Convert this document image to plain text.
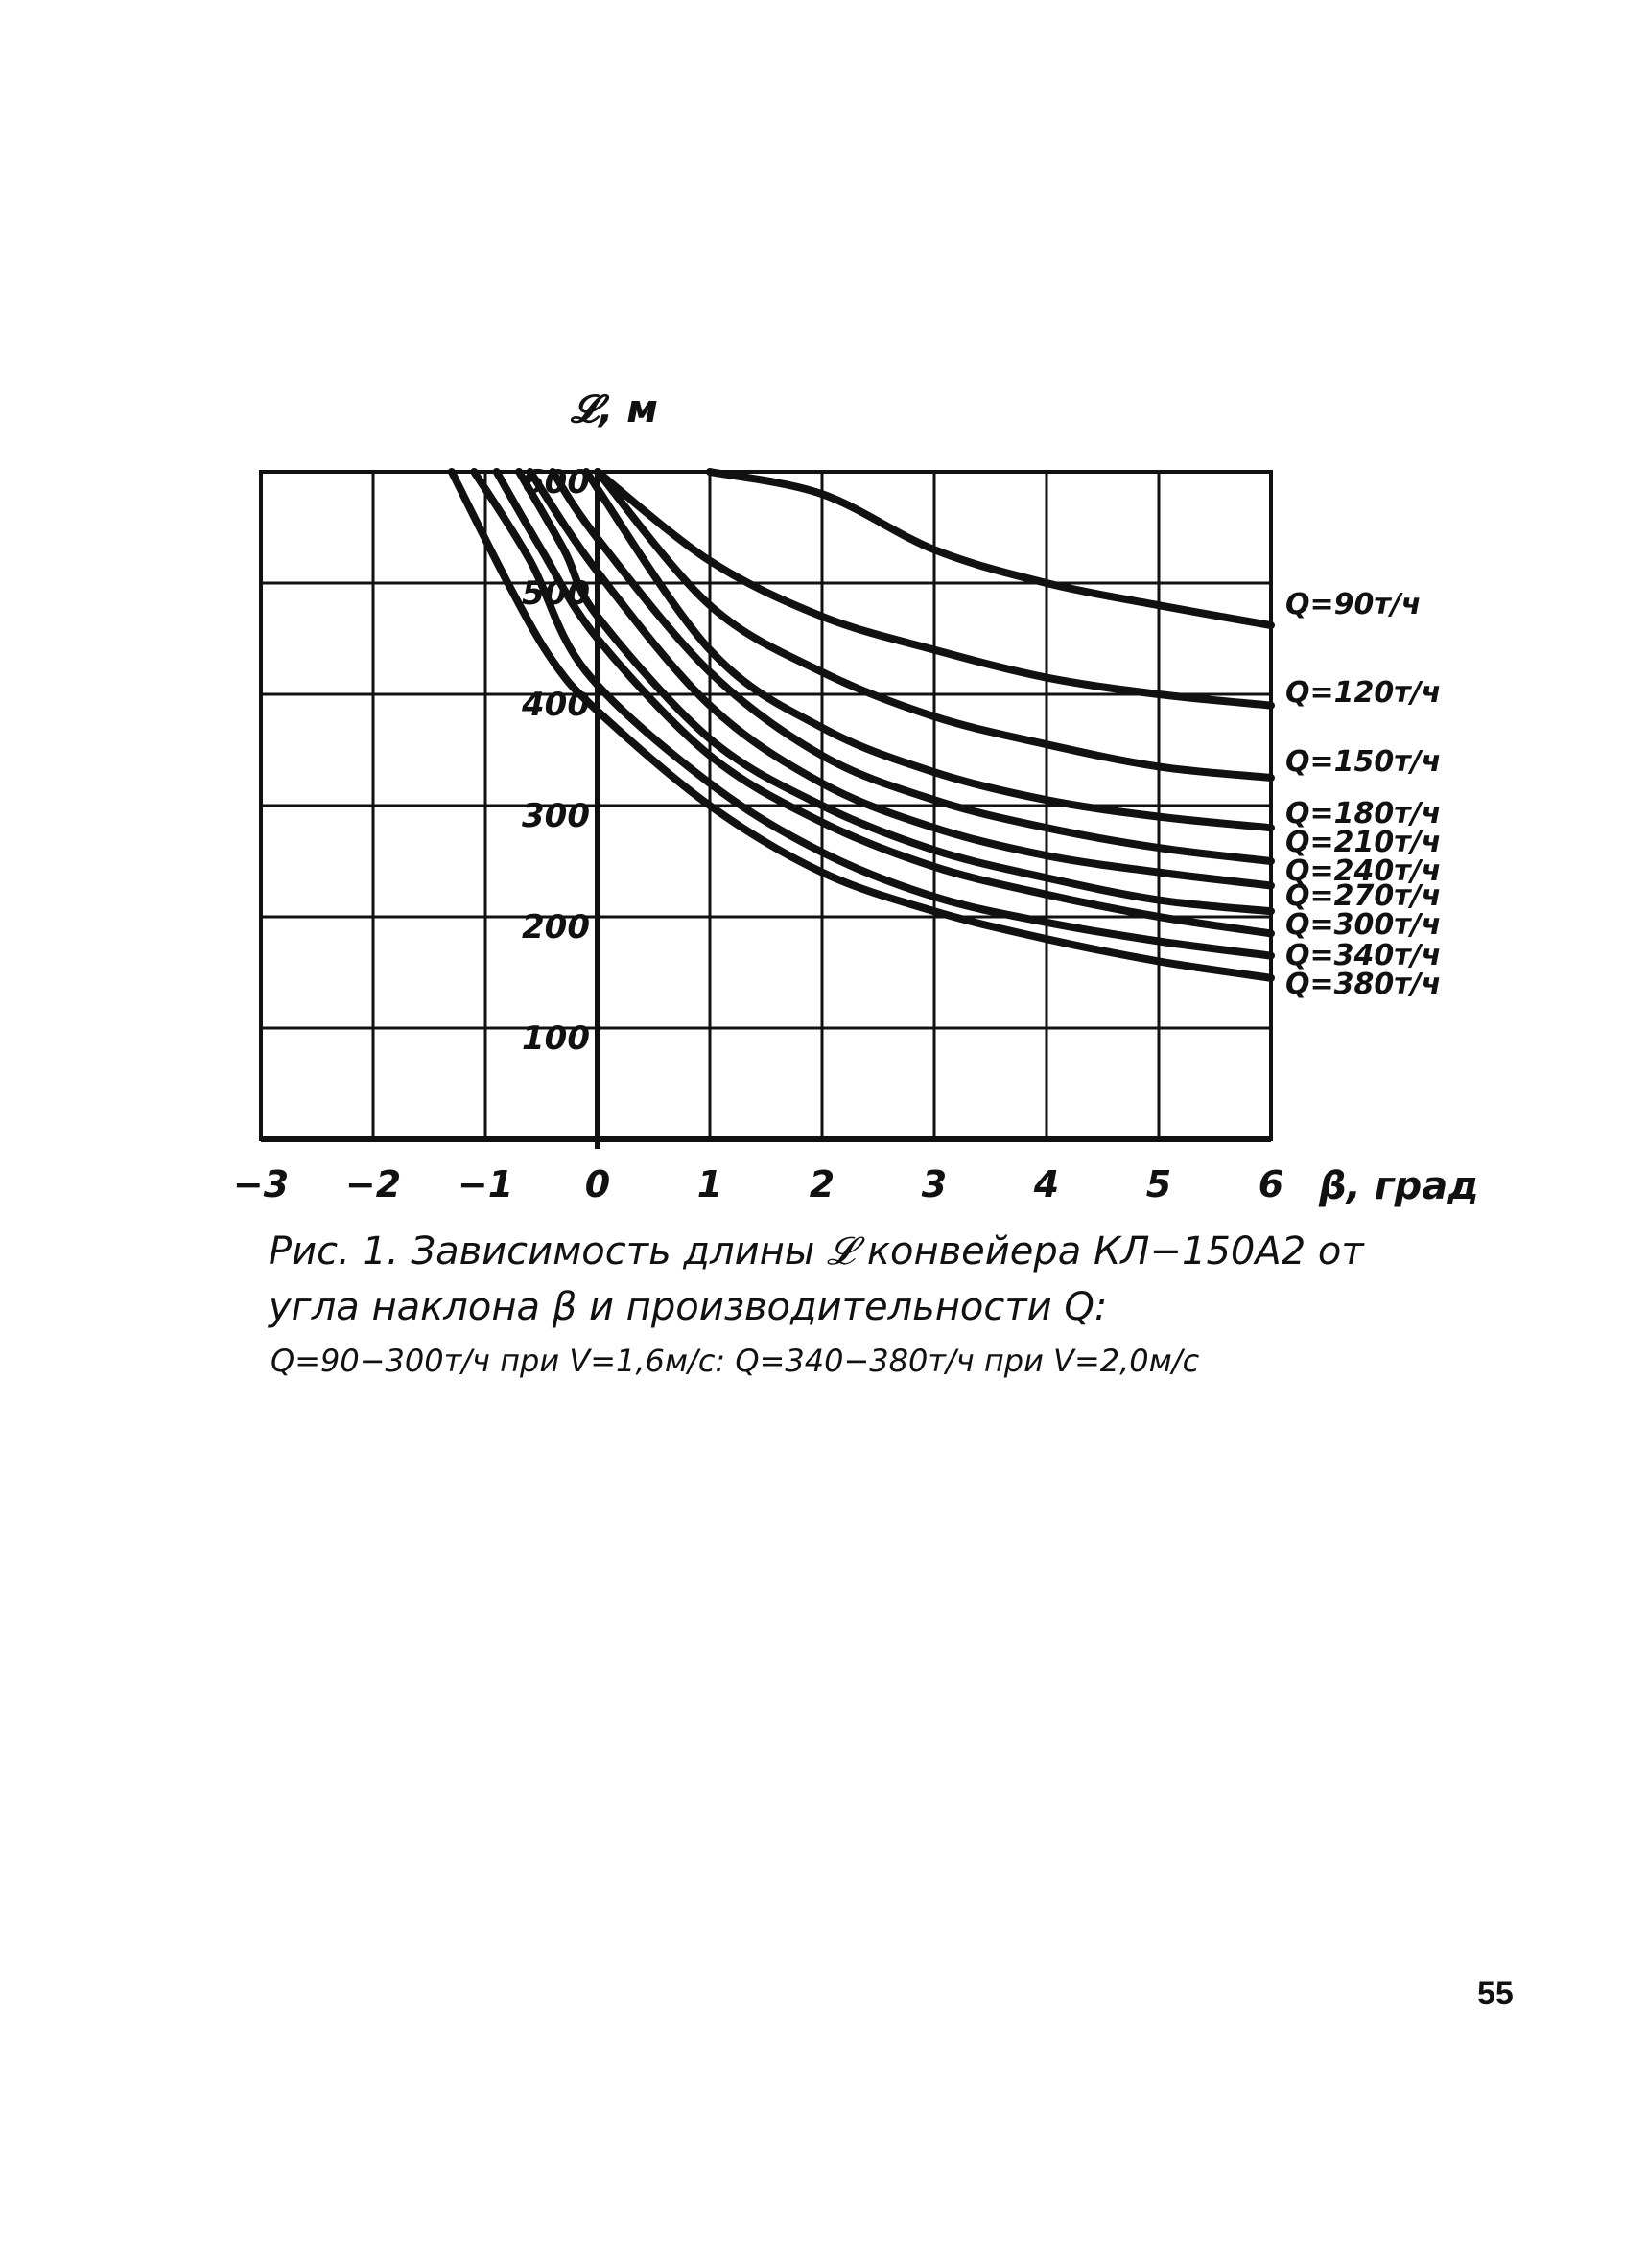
100
200
300
400
500
600
−3 −2 −1 0 1 2 3 4 5 6
𝓛, м
β, град
Q=90т/ч
Q=120т/ч
Q=150т/ч
Q=180т/ч
Q=210т/ч
Q=240т/ч
Q=270т/ч
Q=300т/ч
Q=340т/ч
Q=380т/ч
Рис. 1. Зависимость длины 𝓛 конвейера КЛ−150А2 от
угла наклона β и производительности Q:
Q=90−300т/ч при V=1,6м/с: Q=340−380т/ч при V=2,0м/с
55
